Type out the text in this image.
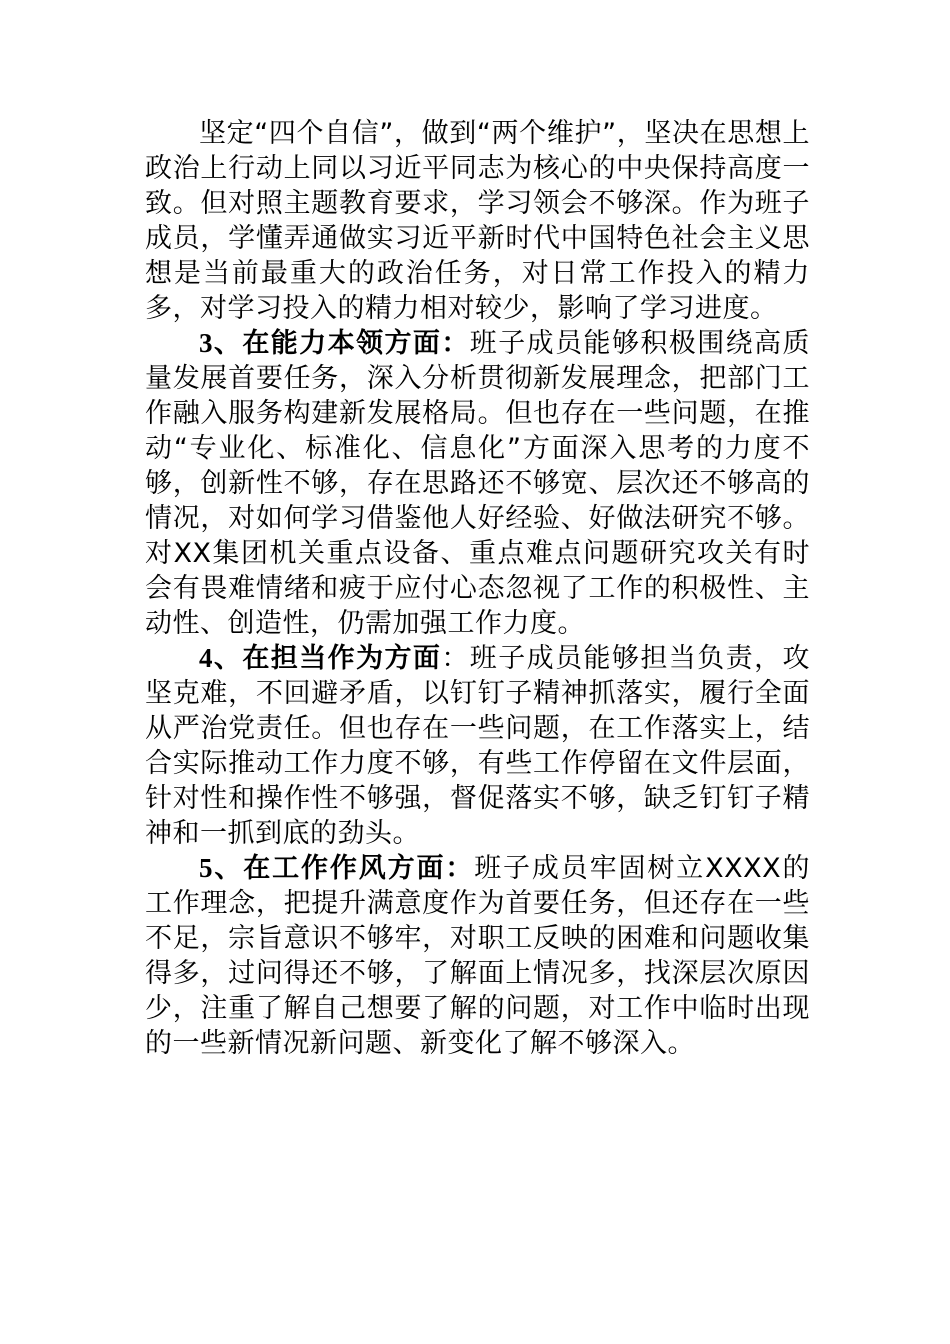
坚定“四个自信”，做到“两个维护”，坚决在思想上政治上行动上同以习近平同志为核心的中央保持高度一致。但对照主题教育要求，学习领会不够深。作为班子成员，学懂弄通做实习近平新时代中国特色社会主义思想是当前最重大的政治任务，对日常工作投入的精力多，对学习投入的精力相对较少，影响了学习进度。

3、在能力本领方面：班子成员能够积极围绕高质量发展首要任务，深入分析贯彻新发展理念，把部门工作融入服务构建新发展格局。但也存在一些问题，在推动“专业化、标准化、信息化”方面深入思考的力度不够，创新性不够，存在思路还不够宽、层次还不够高的情况，对如何学习借鉴他人好经验、好做法研究不够。对XX集团机关重点设备、重点难点问题研究攻关有时会有畏难情绪和疲于应付心态忽视了工作的积极性、主动性、创造性，仍需加强工作力度。

4、在担当作为方面：班子成员能够担当负责，攻坚克难，不回避矛盾，以钉钉子精神抓落实，履行全面从严治党责任。但也存在一些问题，在工作落实上，结合实际推动工作力度不够，有些工作停留在文件层面，针对性和操作性不够强，督促落实不够，缺乏钉钉子精神和一抓到底的劲头。

5、在工作作风方面：班子成员牢固树立XXXX的工作理念，把提升满意度作为首要任务，但还存在一些不足，宗旨意识不够牢，对职工反映的困难和问题收集得多，过问得还不够，了解面上情况多，找深层次原因少，注重了解自己想要了解的问题，对工作中临时出现的一些新情况新问题、新变化了解不够深入。
